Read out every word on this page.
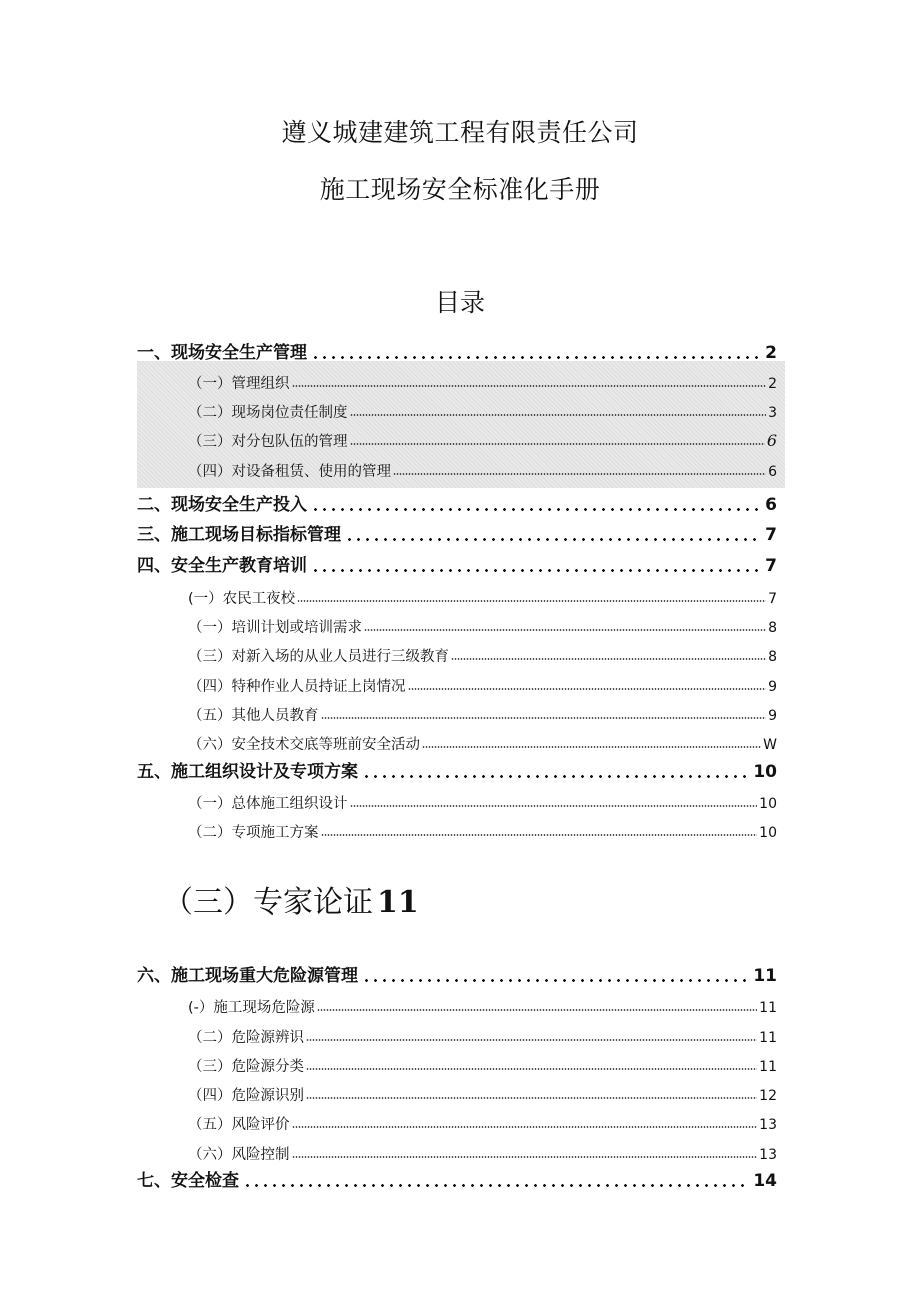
遵义城建建筑工程有限责任公司
施工现场安全标准化手册
目录
一、现场安全生产管理	2
（一）管理组织	2
（二）现场岗位责任制度	3
（三）对分包队伍的管理	6
（四）对设备租赁、使用的管理	6
二、现场安全生产投入	6
三、施工现场目标指标管理	7
四、安全生产教育培训	7
(一）农民工夜校	7
（一）培训计划或培训需求	8
（三）对新入场的从业人员进行三级教育	8
（四）特种作业人员持证上岗情况	9
（五）其他人员教育	9
（六）安全技术交底等班前安全活动	W
五、施工组织设计及专项方案	10
（一）总体施工组织设计	10
（二）专项施工方案	10
（三）专家论证 11
六、施工现场重大危险源管理	11
(-）施工现场危险源	11
（二）危险源辨识	11
（三）危险源分类	11
（四）危险源识别	12
（五）风险评价	13
（六）风险控制	13
七、安全检查	14
